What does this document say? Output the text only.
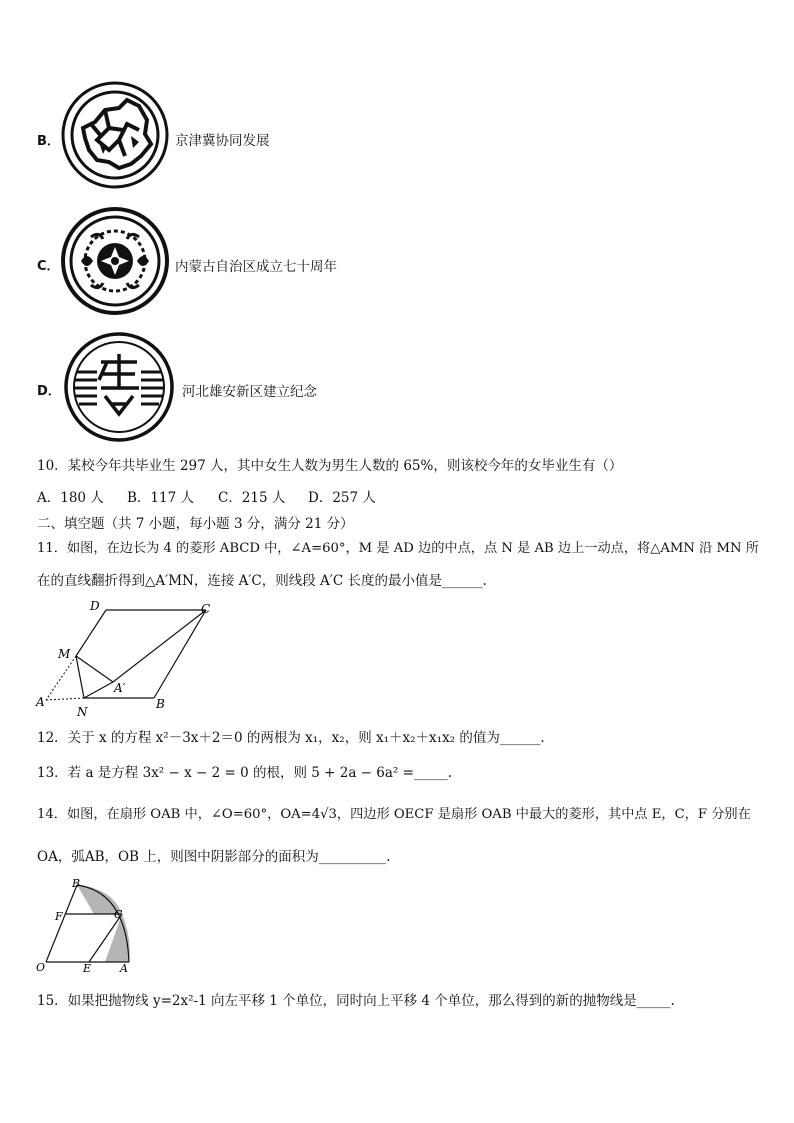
B．	京津冀协同发展
C．	内蒙古自治区成立七十周年
D．	河北雄安新区建立纪念
10．某校今年共毕业生 297 人，其中女生人数为男生人数的 65%，则该校今年的女毕业生有（）
A．180 人 B．117 人 C．215 人 D．257 人
二、填空题（共 7 小题，每小题 3 分，满分 21 分）
11．如图，在边长为 4 的菱形 ABCD 中，∠A=60°，M 是 AD 边的中点，点 N 是 AB 边上一动点，将△AMN 沿 MN 所
在的直线翻折得到△A′MN，连接 A′C，则线段 A′C 长度的最小值是______.
D	C
M
A′
A
N
B
12．关于 x 的方程 x²－3x＋2＝0 的两根为 x₁，x₂，则 x₁＋x₂＋x₁x₂ 的值为______.
13．若 a 是方程 3x² − x − 2 = 0 的根，则 5 + 2a − 6a² =_____.
14．如图，在扇形 OAB 中，∠O=60°，OA=4√3，四边形 OECF 是扇形 OAB 中最大的菱形，其中点 E，C，F 分别在
OA，弧AB，OB 上，则图中阴影部分的面积为__________.
B
F	C
O	E	A
15．如果把抛物线 y=2x²-1 向左平移 1 个单位，同时向上平移 4 个单位，那么得到的新的抛物线是_____.
